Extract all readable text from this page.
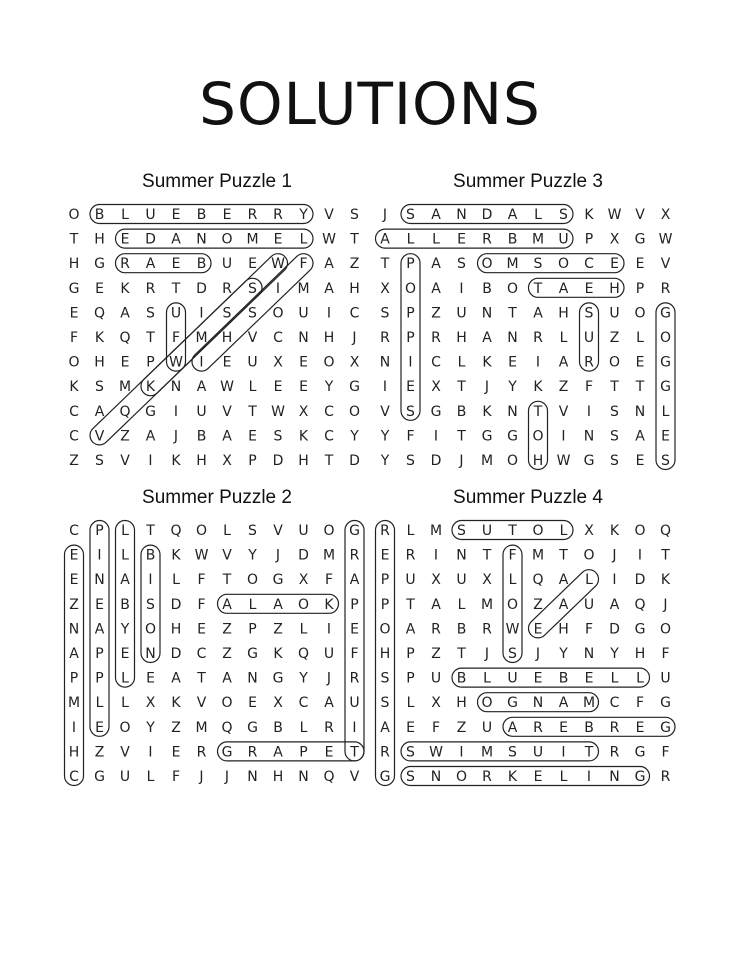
SOLUTIONS
Summer Puzzle 1
O B L U E B E R R Y V S
T H E D A N O M E L W T
H G R A E B U E W F A Z
G E K R T D R S I M A H
E Q A S U I S S O U I C
F K Q T F M H V C N H J
O H E P W I E U X E O X
K S M K N A W L E E Y G
C A Q G I U V T W X C O
C V Z A J B A E S K C Y
Z S V I K H X P D H T D
Summer Puzzle 3
J S A N D A L S K W V X
A L L E R B M U P X G W
T P A S O M S O C E E V
X O A I B O T A E H P R
S P Z U N T A H S U O G
R P R H A N R L U Z L O
N I C L K E I A R O E G
I E X T J Y K Z F T T G
V S G B K N T V I S N L
Y F I T G G O I N S A E
Y S D J M O H W G S E S
Summer Puzzle 2
C P L T Q O L S V U O G
E I L B K W V Y J D M R
E N A I L F T O G X F A
Z E B S D F A L A O K P
N A Y O H E Z P Z L I E
A P E N D C Z G K Q U F
P P L E A T A N G Y J R
M L L X K V O E X C A U
I E O Y Z M Q G B L R I
H Z V I E R G R A P E T
C G U L F J J N H N Q V
Summer Puzzle 4
R L M S U T O L X K O Q
E R I N T F M T O J I T
P U X U X L Q A L I D K
P T A L M O Z A U A Q J
O A R B R W E H F D G O
H P Z T J S J Y N Y H F
S P U B L U E B E L L U
S L X H O G N A M C F G
A E F Z U A R E B R E G
R S W I M S U I T R G F
G S N O R K E L I N G R
